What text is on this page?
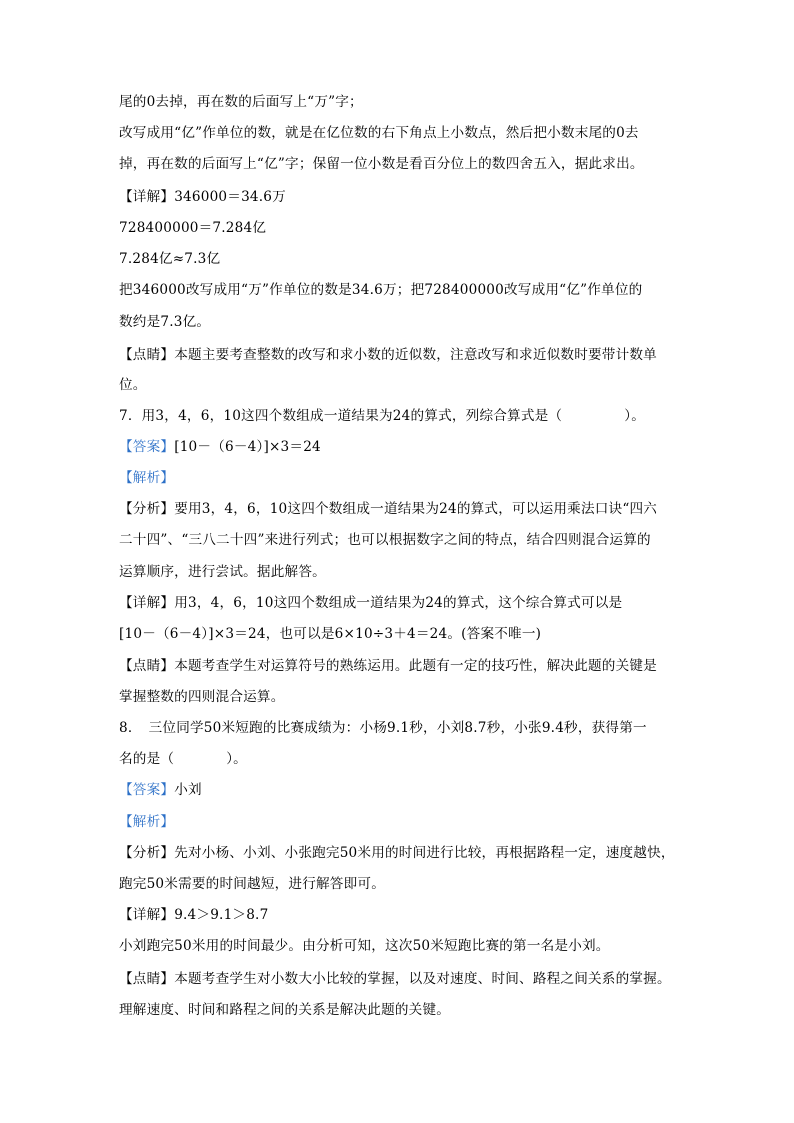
尾的0去掉，再在数的后面写上“万”字；
改写成用“亿”作单位的数，就是在亿位数的右下角点上小数点，然后把小数末尾的0去
掉，再在数的后面写上“亿”字；保留一位小数是看百分位上的数四舍五入，据此求出。
【详解】346000＝34.6万
728400000＝7.284亿
7.284亿≈7.3亿
把346000改写成用“万”作单位的数是34.6万；把728400000改写成用“亿”作单位的
数约是7.3亿。
【点睛】本题主要考查整数的改写和求小数的近似数，注意改写和求近似数时要带计数单
位。
7．用3，4，6，10这四个数组成一道结果为24的算式，列综合算式是（	）。
【答案】[10－（6－4）]×3＝24
【解析】
【分析】要用3，4，6，10这四个数组成一道结果为24的算式，可以运用乘法口诀“四六
二十四”、“三八二十四”来进行列式；也可以根据数字之间的特点，结合四则混合运算的
运算顺序，进行尝试。据此解答。
【详解】用3，4，6，10这四个数组成一道结果为24的算式，这个综合算式可以是
[10－（6－4）]×3＝24，也可以是6×10÷3＋4＝24。(答案不唯一)
【点睛】本题考查学生对运算符号的熟练运用。此题有一定的技巧性，解决此题的关键是
掌握整数的四则混合运算。
8．　三位同学50米短跑的比赛成绩为：小杨9.1秒，小刘8.7秒，小张9.4秒，获得第一
名的是（	）。
【答案】小刘
【解析】
【分析】先对小杨、小刘、小张跑完50米用的时间进行比较，再根据路程一定，速度越快，
跑完50米需要的时间越短，进行解答即可。
【详解】9.4＞9.1＞8.7
小刘跑完50米用的时间最少。由分析可知，这次50米短跑比赛的第一名是小刘。
【点睛】本题考查学生对小数大小比较的掌握，以及对速度、时间、路程之间关系的掌握。
理解速度、时间和路程之间的关系是解决此题的关键。
